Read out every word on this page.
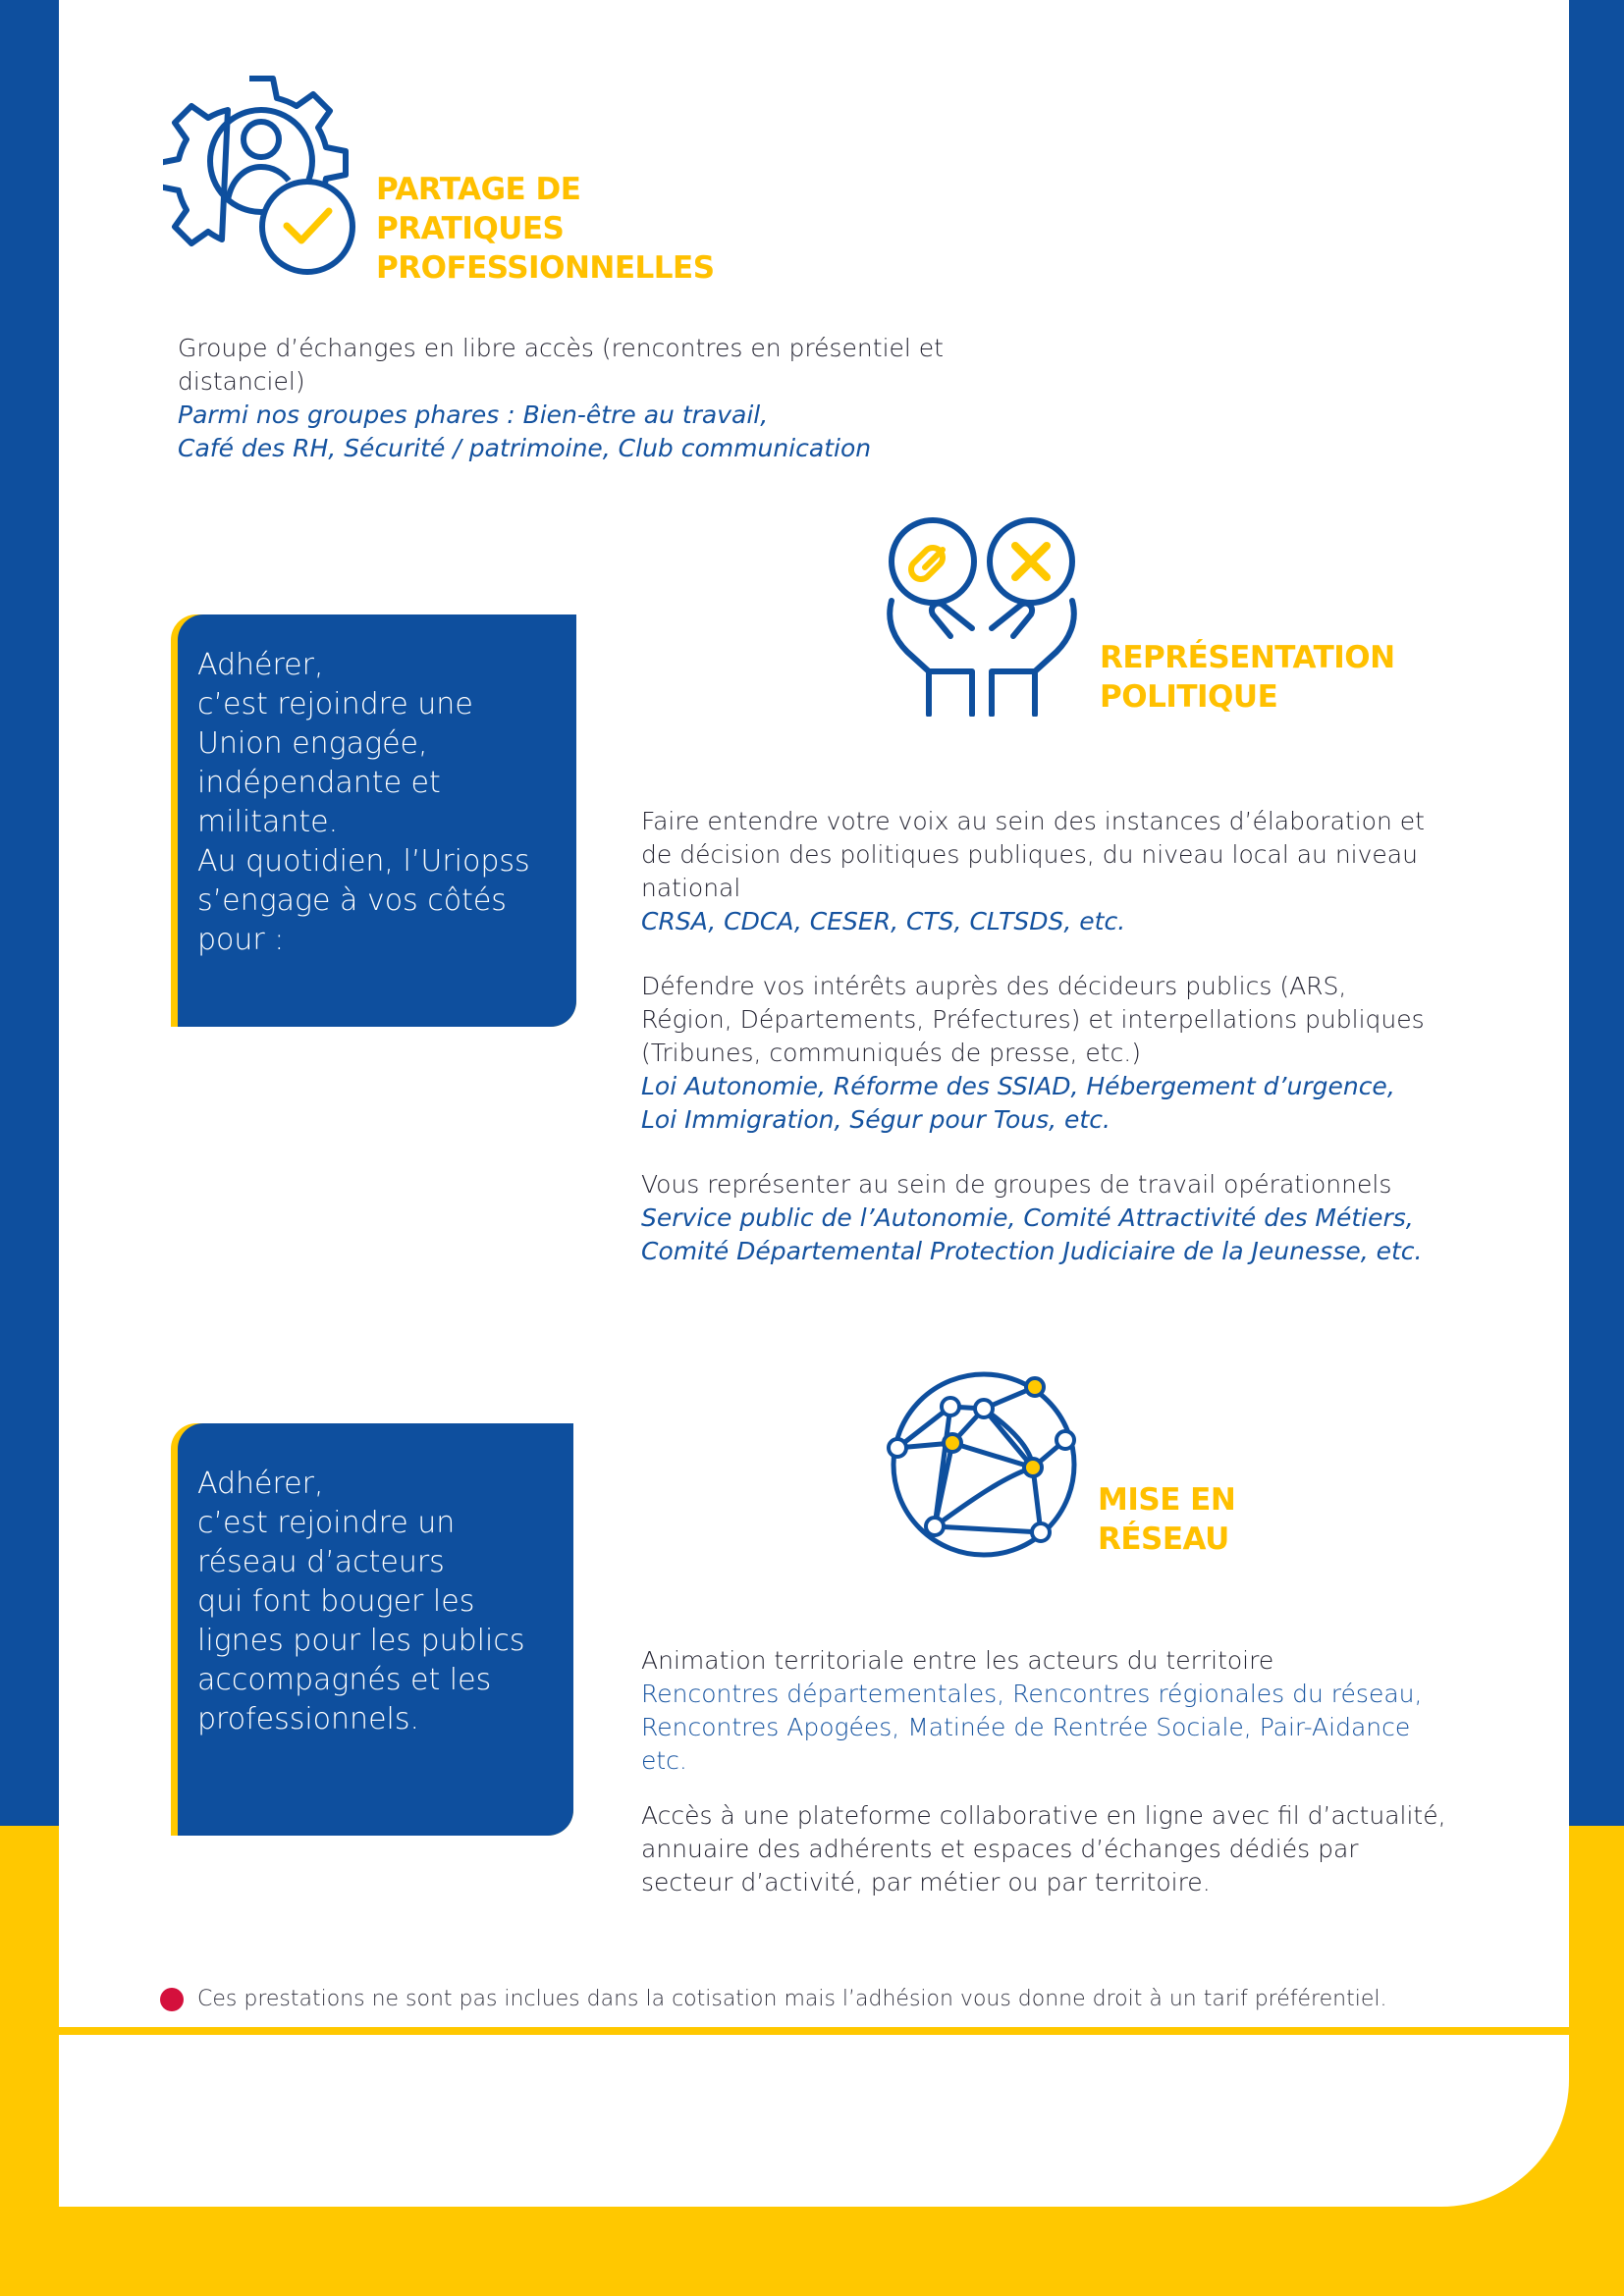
PARTAGE DE
PRATIQUES
PROFESSIONNELLES
Groupe d’échanges en libre accès (rencontres en présentiel et distanciel)
Parmi nos groupes phares : Bien-être au travail,
Café des RH, Sécurité / patrimoine, Club communication

Adhérer,
c’est rejoindre une
Union engagée,
indépendante et
militante.
Au quotidien, l’Uriopss
s’engage à vos côtés
pour :

REPRÉSENTATION
POLITIQUE
Faire entendre votre voix au sein des instances d’élaboration et
de décision des politiques publiques, du niveau local au niveau
national
CRSA, CDCA, CESER, CTS, CLTSDS, etc.
Défendre vos intérêts auprès des décideurs publics (ARS,
Région, Départements, Préfectures) et interpellations publiques
(Tribunes, communiqués de presse, etc.)
Loi Autonomie, Réforme des SSIAD, Hébergement d’urgence,
Loi Immigration, Ségur pour Tous, etc.
Vous représenter au sein de groupes de travail opérationnels
Service public de l’Autonomie, Comité Attractivité des Métiers,
Comité Départemental Protection Judiciaire de la Jeunesse, etc.

Adhérer,
c’est rejoindre un
réseau d’acteurs
qui font bouger les
lignes pour les publics
accompagnés et les
professionnels.

MISE EN
RÉSEAU
Animation territoriale entre les acteurs du territoire
Rencontres départementales, Rencontres régionales du réseau,
Rencontres Apogées, Matinée de Rentrée Sociale, Pair-Aidance
etc.
Accès à une plateforme collaborative en ligne avec fil d’actualité,
annuaire des adhérents et espaces d’échanges dédiés par
secteur d’activité, par métier ou par territoire.
Ces prestations ne sont pas inclues dans la cotisation mais l’adhésion vous donne droit à un tarif préférentiel.
